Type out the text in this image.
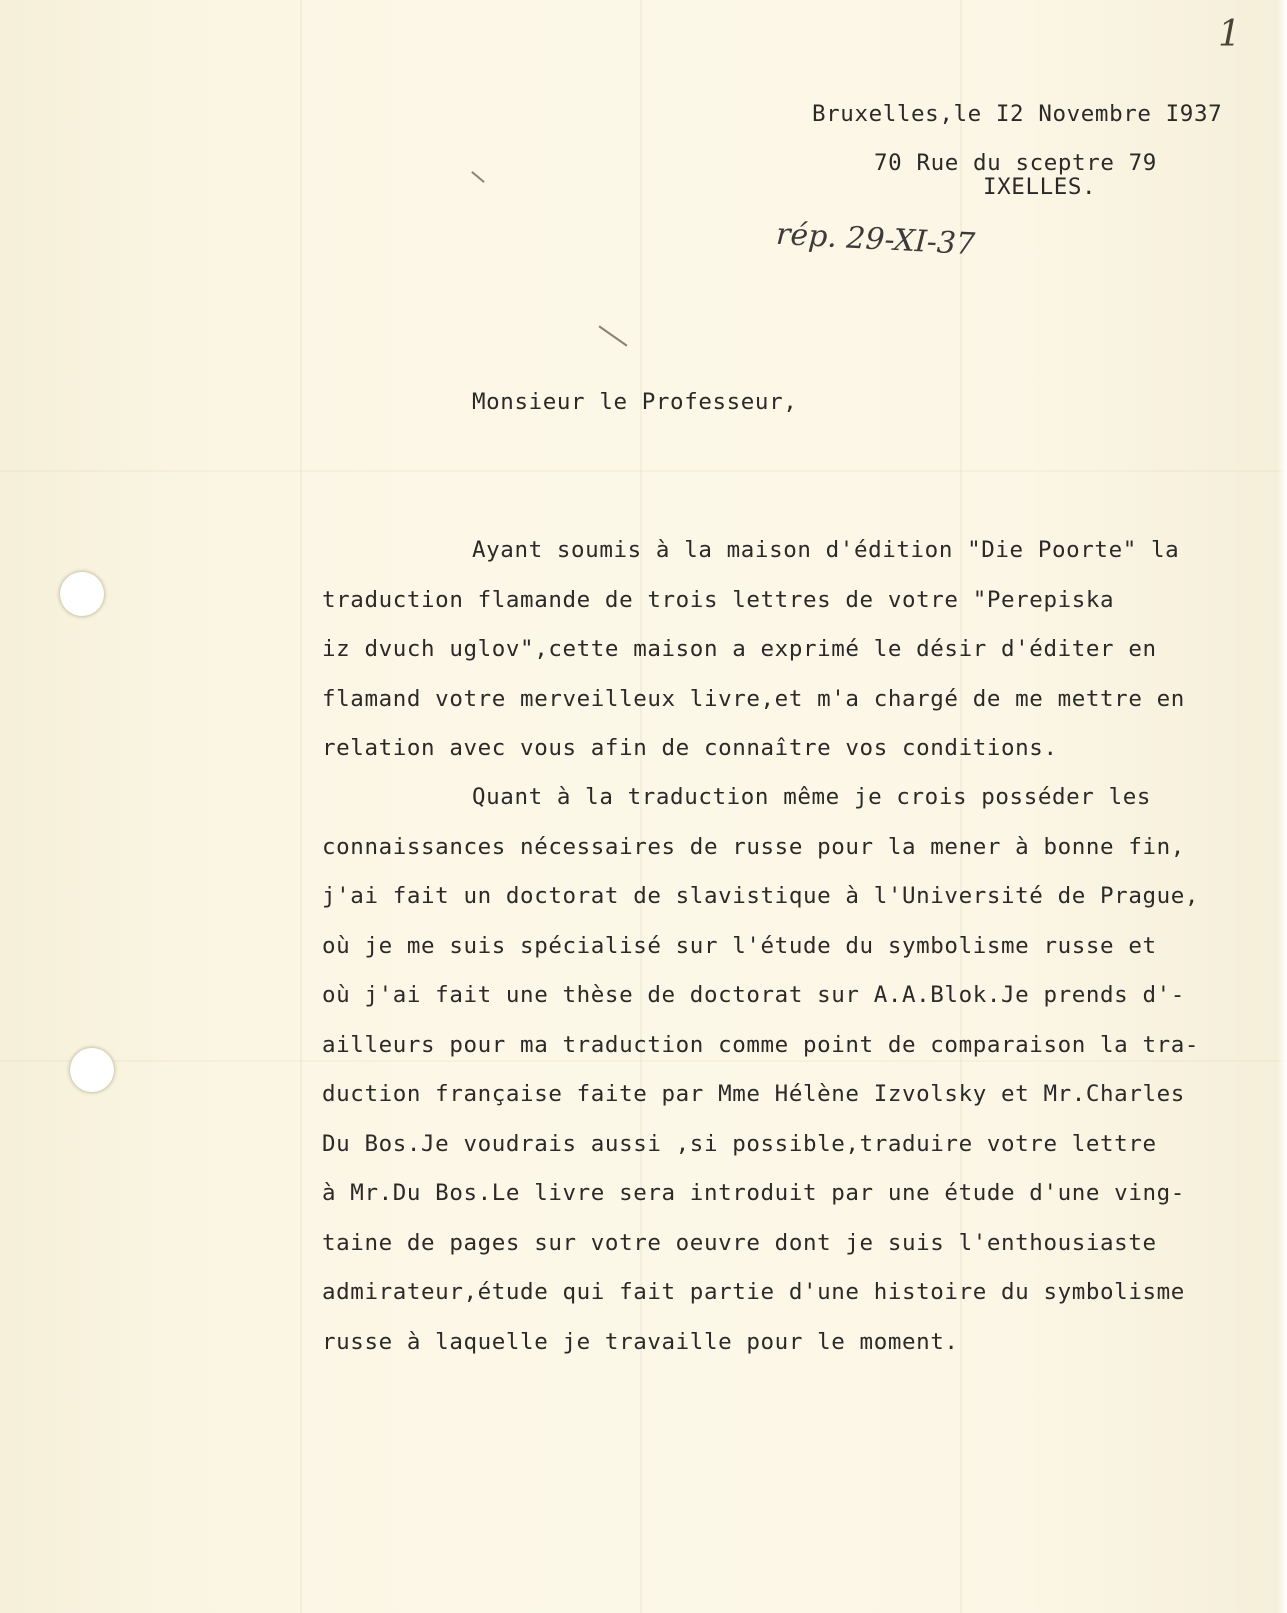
1
Bruxelles,le I2 Novembre I937
70 Rue du sceptre 79
IXELLES.
rép. 29-XI-37
Monsieur le Professeur,
Ayant soumis à la maison d'édition "Die Poorte" la
traduction flamande de trois lettres de votre "Perepiska
iz dvuch uglov",cette maison a exprimé le désir d'éditer en
flamand votre merveilleux livre,et m'a chargé de me mettre en
relation avec vous afin de connaître vos conditions.
Quant à la traduction même je crois posséder les
connaissances nécessaires de russe pour la mener à bonne fin,
j'ai fait un doctorat de slavistique à l'Université de Prague,
où je me suis spécialisé sur l'étude du symbolisme russe et
où j'ai fait une thèse de doctorat sur A.A.Blok.Je prends d'-
ailleurs pour ma traduction comme point de comparaison la tra-
duction française faite par Mme Hélène Izvolsky et Mr.Charles
Du Bos.Je voudrais aussi ,si possible,traduire votre lettre
à Mr.Du Bos.Le livre sera introduit par une étude d'une ving-
taine de pages sur votre oeuvre dont je suis l'enthousiaste
admirateur,étude qui fait partie d'une histoire du symbolisme
russe à laquelle je travaille pour le moment.
